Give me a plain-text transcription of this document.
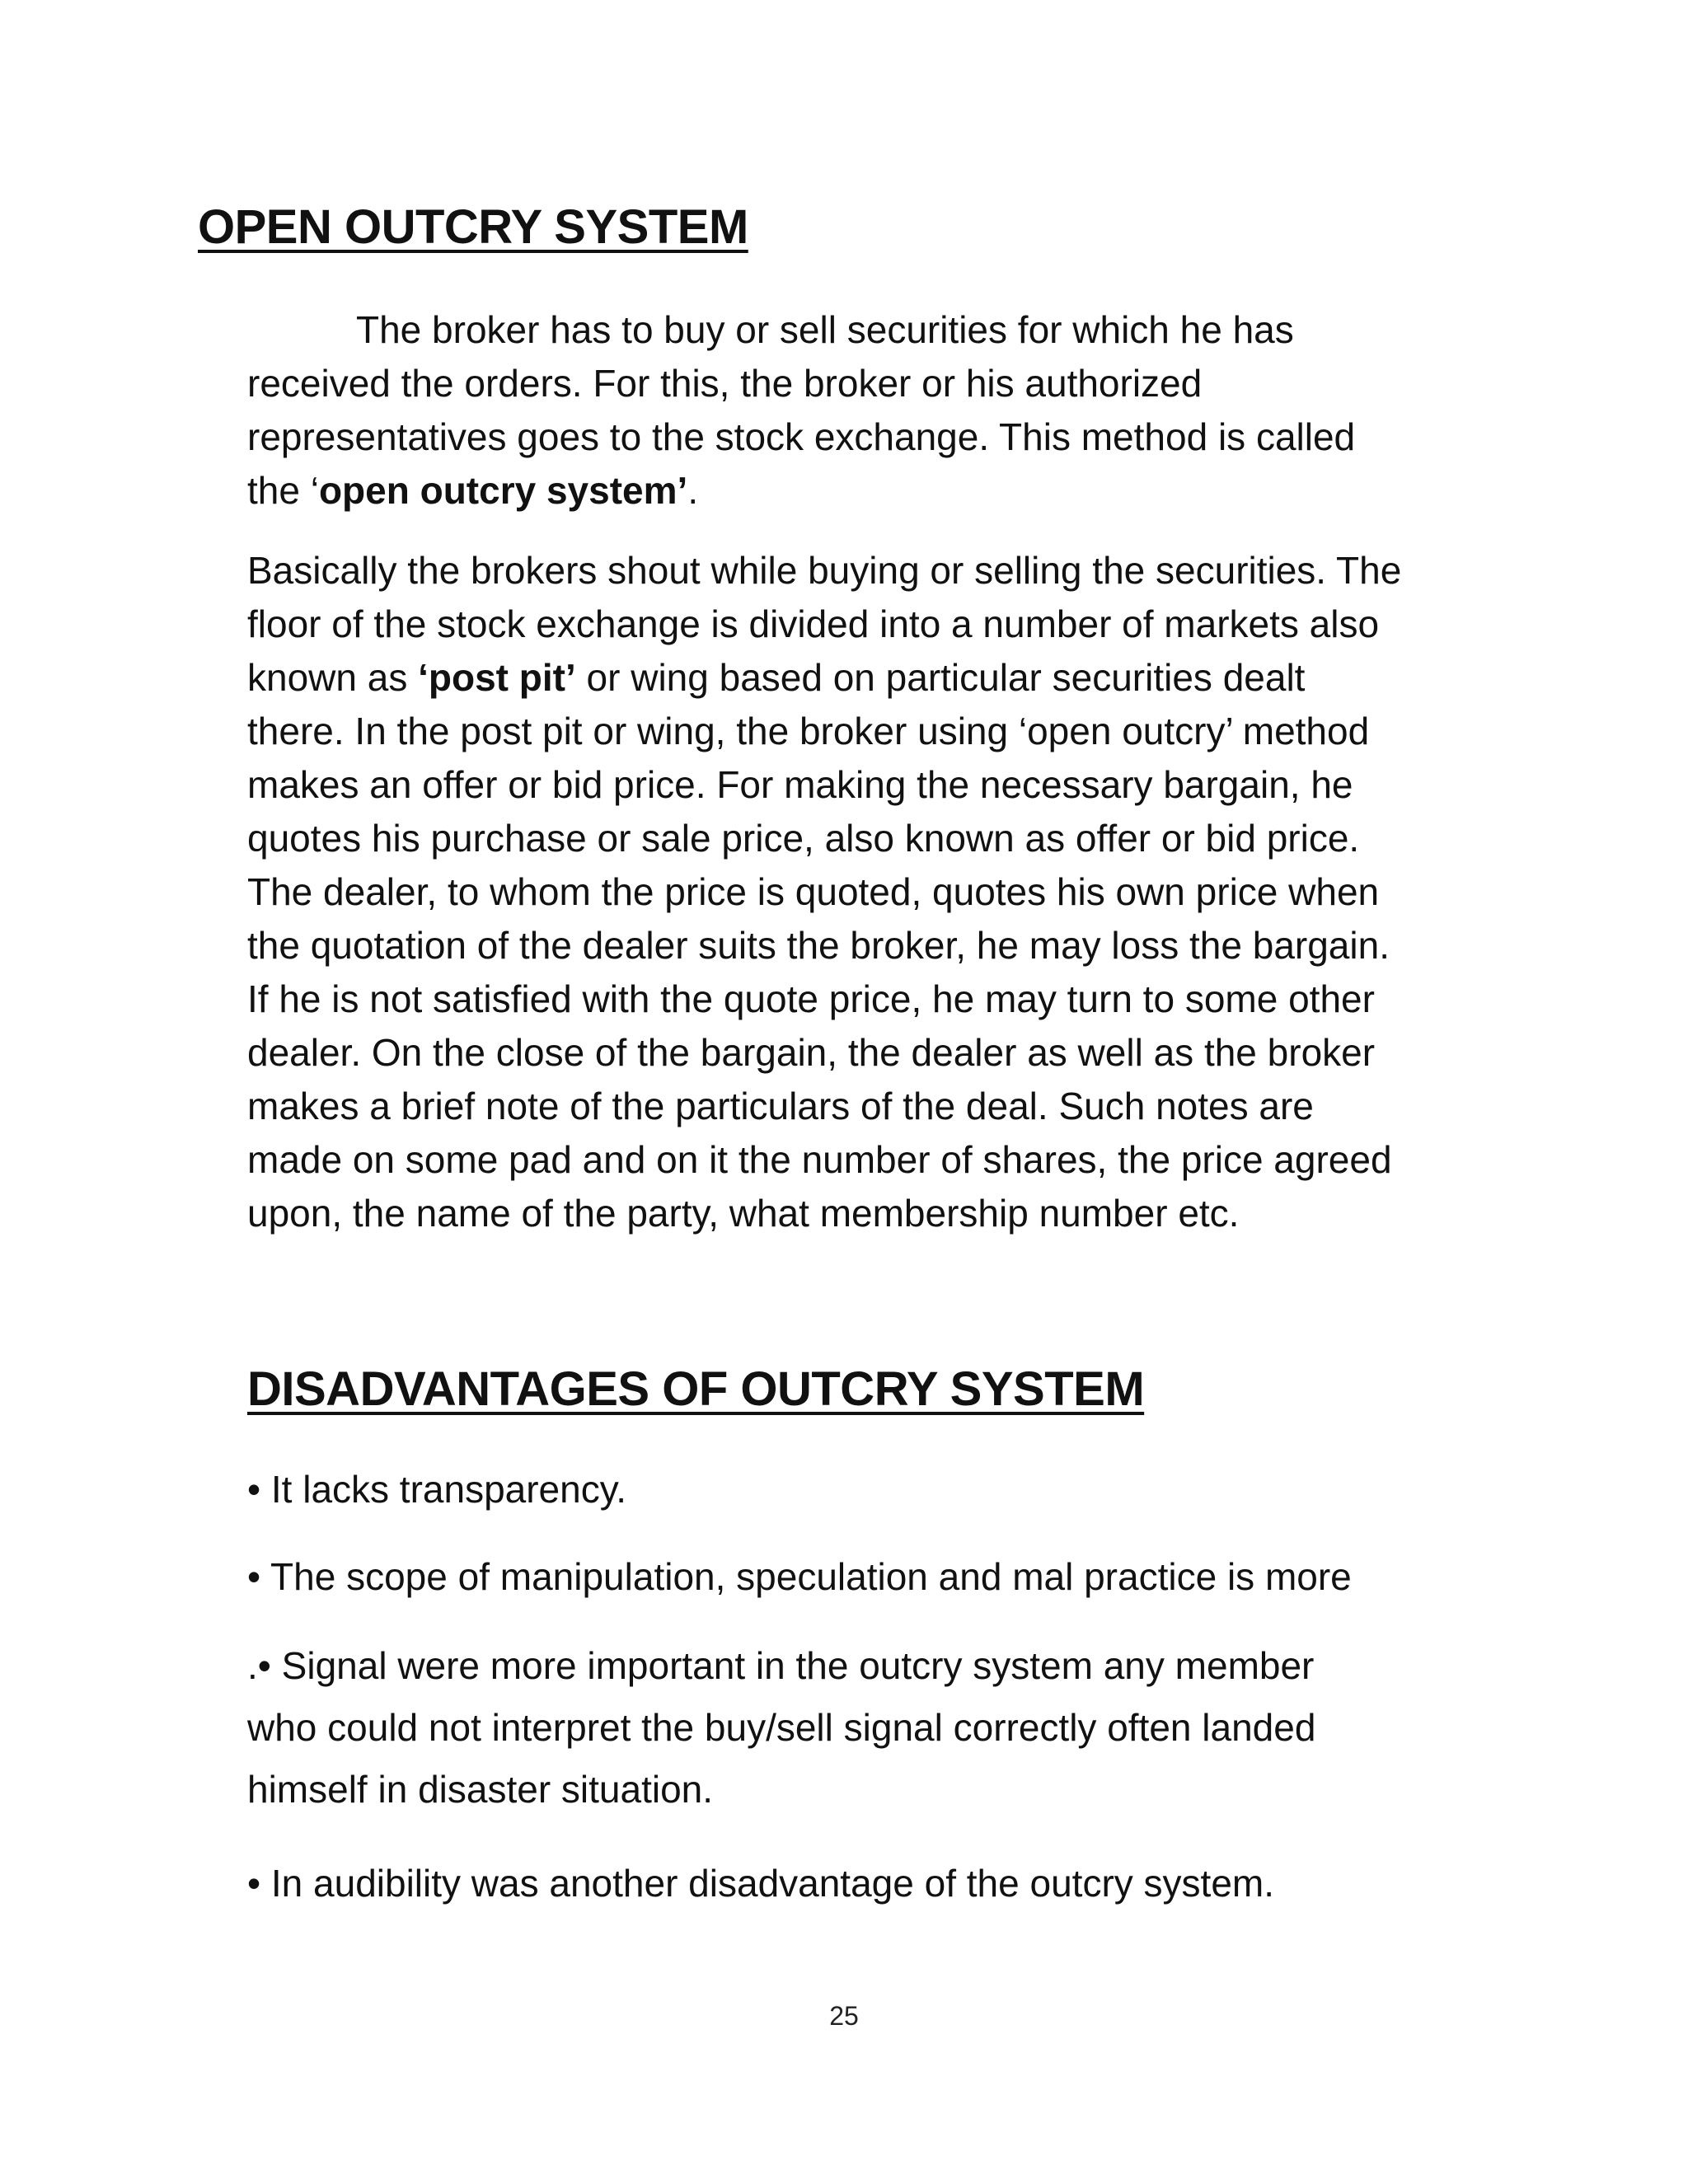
OPEN OUTCRY SYSTEM

The broker has to buy or sell securities for which he has
received the orders. For this, the broker or his authorized
representatives goes to the stock exchange. This method is called
the ‘open outcry system’.

Basically the brokers shout while buying or selling the securities. The
floor of the stock exchange is divided into a number of markets also
known as ‘post pit’ or wing based on particular securities dealt
there. In the post pit or wing, the broker using ‘open outcry’ method
makes an offer or bid price. For making the necessary bargain, he
quotes his purchase or sale price, also known as offer or bid price.
The dealer, to whom the price is quoted, quotes his own price when
the quotation of the dealer suits the broker, he may loss the bargain.
If he is not satisfied with the quote price, he may turn to some other
dealer. On the close of the bargain, the dealer as well as the broker
makes a brief note of the particulars of the deal. Such notes are
made on some pad and on it the number of shares, the price agreed
upon, the name of the party, what membership number etc.

DISADVANTAGES OF OUTCRY SYSTEM
• It lacks transparency.
• The scope of manipulation, speculation and mal practice is more
.• Signal were more important in the outcry system any member
who could not interpret the buy/sell signal correctly often landed
himself in disaster situation.
• In audibility was another disadvantage of the outcry system.
25
